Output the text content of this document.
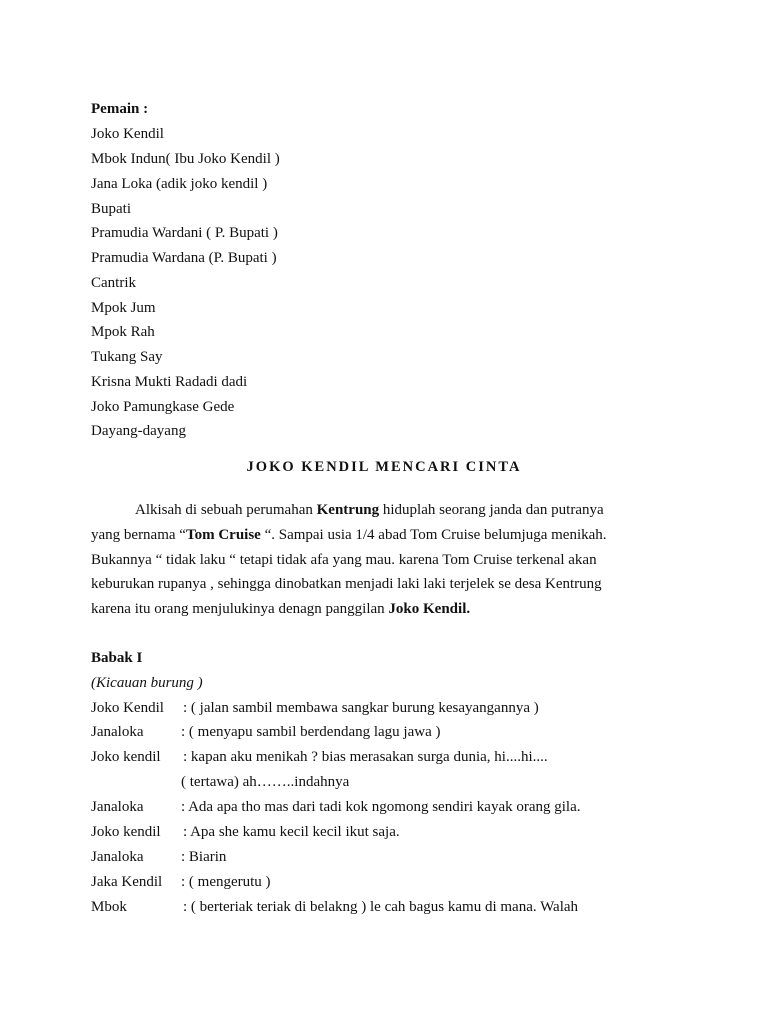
Pemain :
Joko Kendil
Mbok Indun( Ibu Joko Kendil )
Jana Loka (adik joko kendil )
Bupati
Pramudia Wardani ( P. Bupati )
Pramudia Wardana (P. Bupati )
Cantrik
Mpok Jum
Mpok Rah
Tukang Say
Krisna Mukti Radadi dadi
Joko Pamungkase Gede
Dayang-dayang
JOKO KENDIL MENCARI CINTA
Alkisah di sebuah perumahan Kentrung hiduplah seorang janda dan putranya
yang bernama “Tom Cruise “. Sampai usia 1/4 abad Tom Cruise belumjuga menikah.
Bukannya “ tidak laku “ tetapi tidak afa yang mau. karena Tom Cruise terkenal akan
keburukan rupanya , sehingga dinobatkan menjadi laki laki terjelek se desa Kentrung
karena itu orang menjulukinya denagn panggilan Joko Kendil.
Babak I
(Kicauan burung )
Joko Kendil : ( jalan sambil membawa sangkar burung kesayangannya )
Janaloka	: ( menyapu sambil berdendang lagu jawa )
Joko kendil : kapan aku menikah ? bias merasakan surga dunia, hi....hi....
( tertawa) ah……..indahnya
Janaloka	: Ada apa tho mas dari tadi kok ngomong sendiri kayak orang gila.
Joko kendil : Apa she kamu kecil kecil ikut saja.
Janaloka	: Biarin
Jaka Kendil : ( mengerutu )
Mbok	: ( berteriak teriak di belakng ) le cah bagus kamu di mana. Walah
